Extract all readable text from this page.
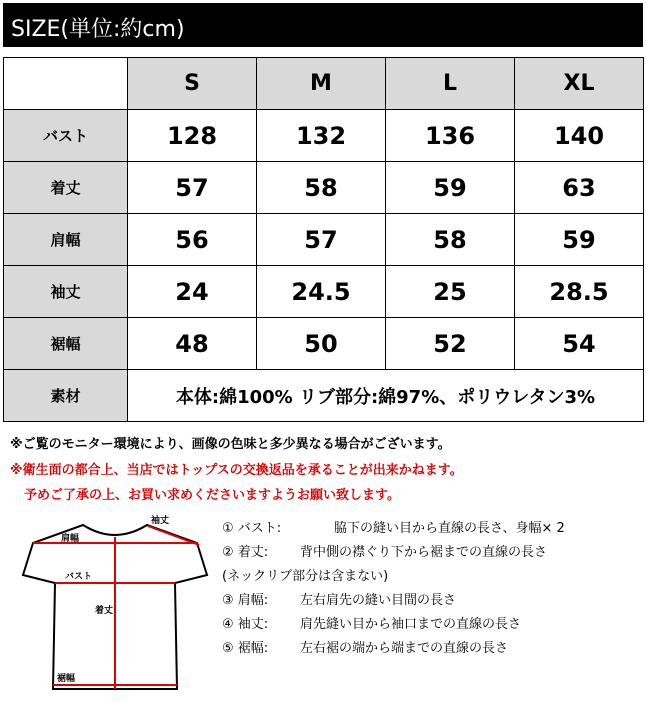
SIZE(単位:約cm)
	S	M	L	XL
バスト	128	132	136	140
着丈	57	58	59	63
肩幅	56	57	58	59
袖丈	24	24.5	25	28.5
裾幅	48	50	52	54
素材	本体:綿100% リブ部分:綿97%、ポリウレタン3%			
※ご覧のモニター環境により、画像の色味と多少異なる場合がございます。
※衛生面の都合上、当店ではトップスの交換返品を承ることが出来かねます。
予めご了承の上、お買い求めくださいますようお願い致します。
肩幅
袖丈
バスト
着丈
裾幅
① バスト:	脇下の縫い目から直線の長さ、身幅× 2
② 着丈: 背中側の襟ぐり下から裾までの直線の長さ
(ネックリブ部分は含まない)
③ 肩幅: 左右肩先の縫い目間の長さ
④ 袖丈: 肩先縫い目から袖口までの直線の長さ
⑤ 裾幅: 左右裾の端から端までの直線の長さ
